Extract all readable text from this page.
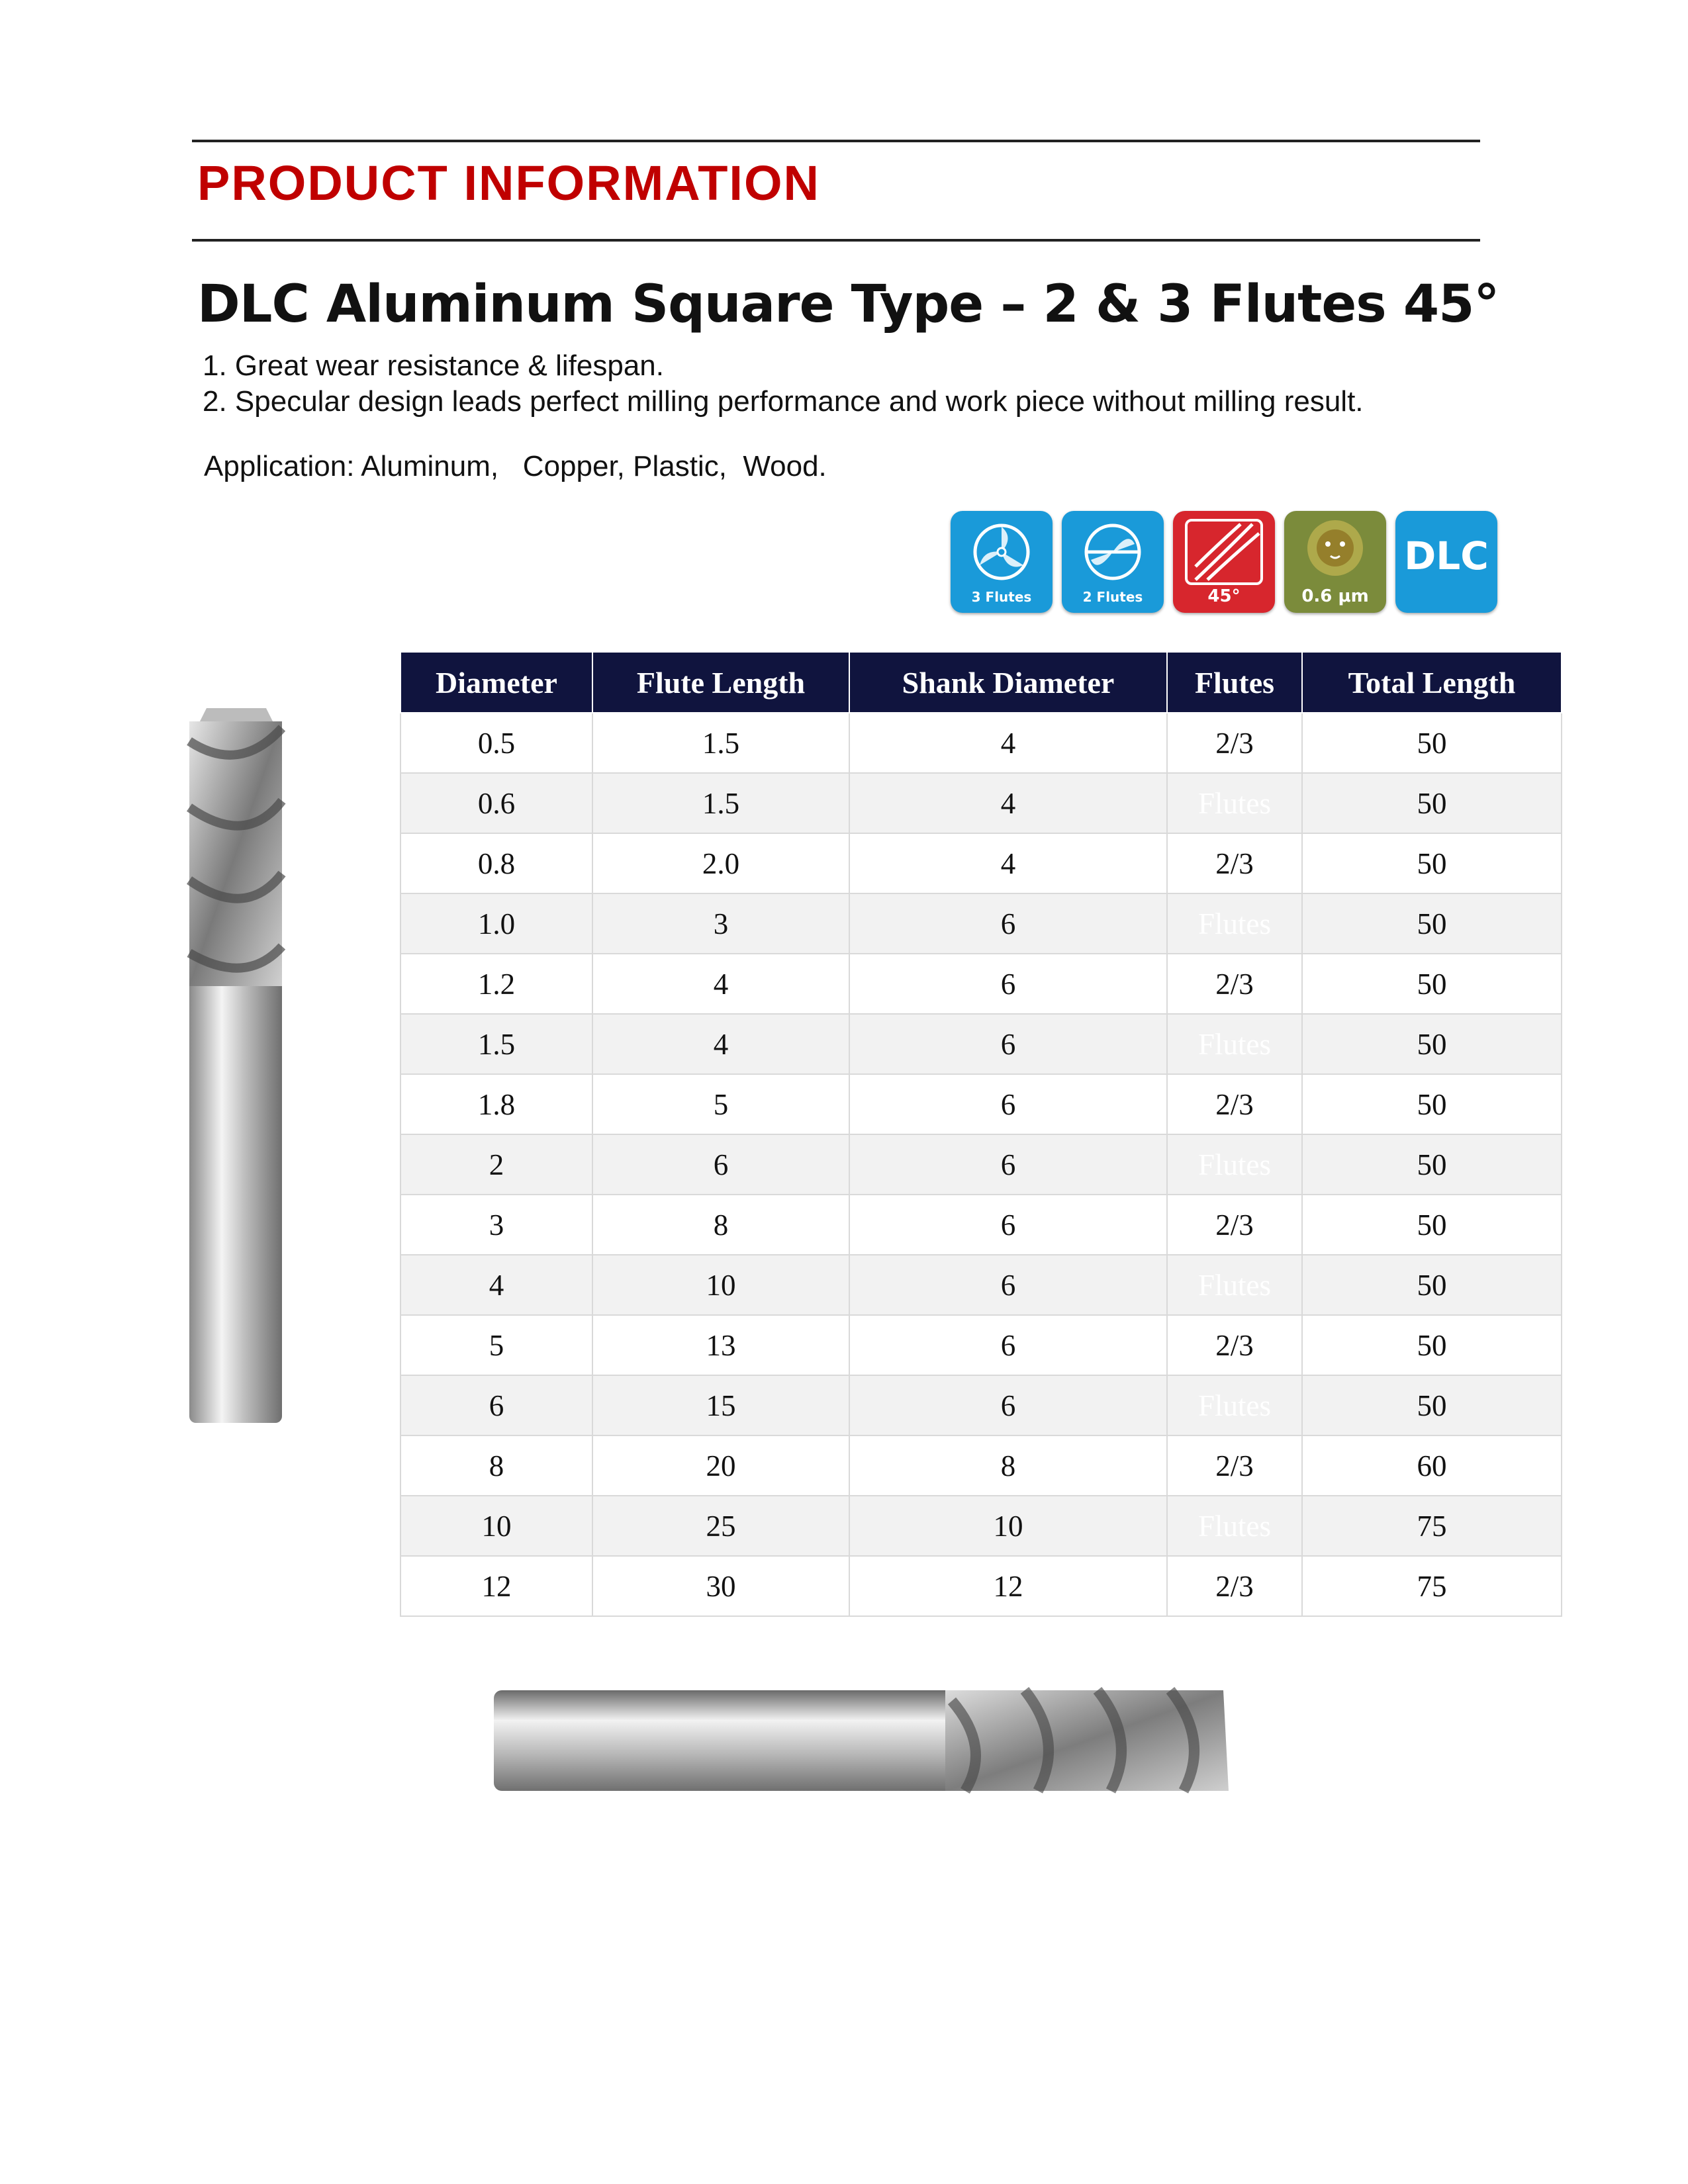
PRODUCT INFORMATION
DLC Aluminum Square Type – 2 & 3 Flutes 45°
1. Great wear resistance & lifespan.
2. Specular design leads perfect milling performance and work piece without milling result.
Application: Aluminum,   Copper, Plastic,  Wood.
3 Flutes	2 Flutes	45°	0.6 μm
DLC
Diameter	Flute Length	Shank Diameter	Flutes	Total Length
0.5	1.5	4	2/3	50
0.6	1.5	4	Flutes	50
0.8	2.0	4	2/3	50
1.0	3	6	Flutes	50
1.2	4	6	2/3	50
1.5	4	6	Flutes	50
1.8	5	6	2/3	50
2	6	6	Flutes	50
3	8	6	2/3	50
4	10	6	Flutes	50
5	13	6	2/3	50
6	15	6	Flutes	50
8	20	8	2/3	60
10	25	10	Flutes	75
12	30	12	2/3	75
